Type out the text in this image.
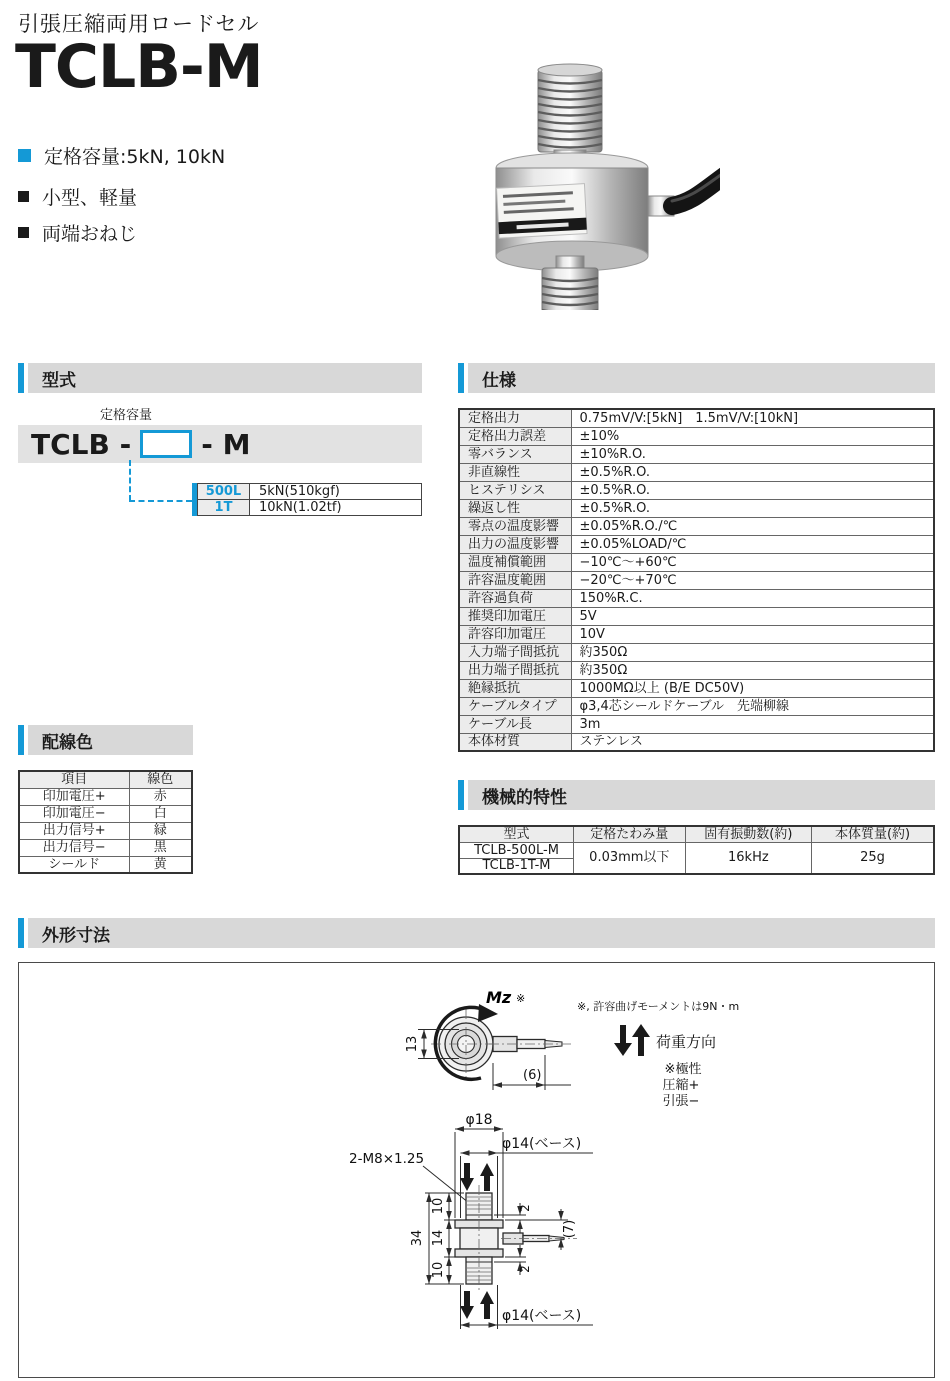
引張圧縮両用ロードセル
TCLB-M
定格容量:5kN, 10kN
小型、軽量
両端おねじ
型式
定格容量
TCLB -	- M
500L	5kN(510kgf)
1T	10kN(1.02tf)
仕様
定格出力	0.75mV/V:[5kN]　1.5mV/V:[10kN]
定格出力誤差	±10%
零バランス	±10%R.O.
非直線性	±0.5%R.O.
ヒステリシス	±0.5%R.O.
繰返し性	±0.5%R.O.
零点の温度影響	±0.05%R.O./℃
出力の温度影響	±0.05%LOAD/℃
温度補償範囲	−10℃〜+60℃
許容温度範囲	−20℃〜+70℃
許容過負荷	150%R.C.
推奨印加電圧	5V
許容印加電圧	10V
入力端子間抵抗	約350Ω
出力端子間抵抗	約350Ω
絶縁抵抗	1000MΩ以上 (B/E DC50V)
ケーブルタイプ	φ3,4芯シールドケーブル　先端柳線
ケーブル長	3m
本体材質	ステンレス
配線色
項目	線色
印加電圧+	赤
印加電圧−	白
出力信号+	緑
出力信号−	黒
シールド	黄
機械的特性
型式	定格たわみ量	固有振動数(約)	本体質量(約)
TCLB-500L-M	0.03mm以下	16kHz	25g
TCLB-1T-M			
外形寸法
Mz ※
13
(6)
※, 許容曲げモーメントは9N・m
荷重方向
※極性
圧縮+
引張−
φ18
φ14(ベース)
2-M8×1.25
34
10
14
10
2
(7)
2
φ14(ベース)
